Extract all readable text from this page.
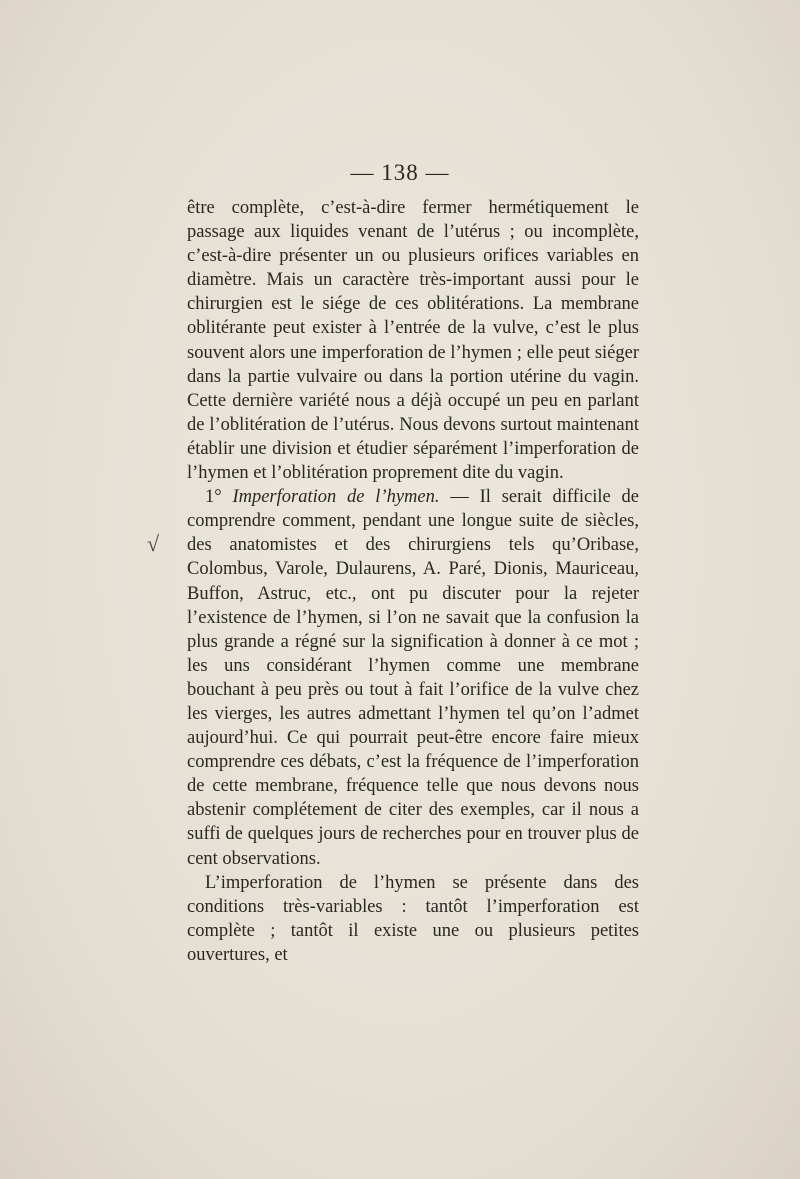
— 138 —
√

être complète, c’est-à-dire fermer hermétiquement le passage aux liquides venant de l’utérus ; ou incomplète, c’est-à-dire présenter un ou plusieurs orifices variables en diamètre. Mais un caractère très-important aussi pour le chirurgien est le siége de ces oblitérations. La membrane oblitérante peut exister à l’entrée de la vulve, c’est le plus souvent alors une imperforation de l’hymen ; elle peut siéger dans la partie vulvaire ou dans la portion utérine du vagin. Cette dernière variété nous a déjà occupé un peu en parlant de l’oblitération de l’utérus. Nous devons surtout maintenant établir une division et étudier séparément l’imperforation de l’hymen et l’oblitération proprement dite du vagin.

1° Imperforation de l’hymen. — Il serait difficile de comprendre comment, pendant une longue suite de siècles, des anatomistes et des chirurgiens tels qu’Oribase, Colombus, Varole, Dulaurens, A. Paré, Dionis, Mauriceau, Buffon, Astruc, etc., ont pu discuter pour la rejeter l’existence de l’hymen, si l’on ne savait que la confusion la plus grande a régné sur la signification à donner à ce mot ; les uns considérant l’hymen comme une membrane bouchant à peu près ou tout à fait l’orifice de la vulve chez les vierges, les autres admettant l’hymen tel qu’on l’admet aujourd’hui. Ce qui pourrait peut-être encore faire mieux comprendre ces débats, c’est la fréquence de l’imperforation de cette membrane, fréquence telle que nous devons nous abstenir complétement de citer des exemples, car il nous a suffi de quelques jours de recherches pour en trouver plus de cent observations.

L’imperforation de l’hymen se présente dans des conditions très-variables : tantôt l’imperforation est complète ; tantôt il existe une ou plusieurs petites ouvertures, et
